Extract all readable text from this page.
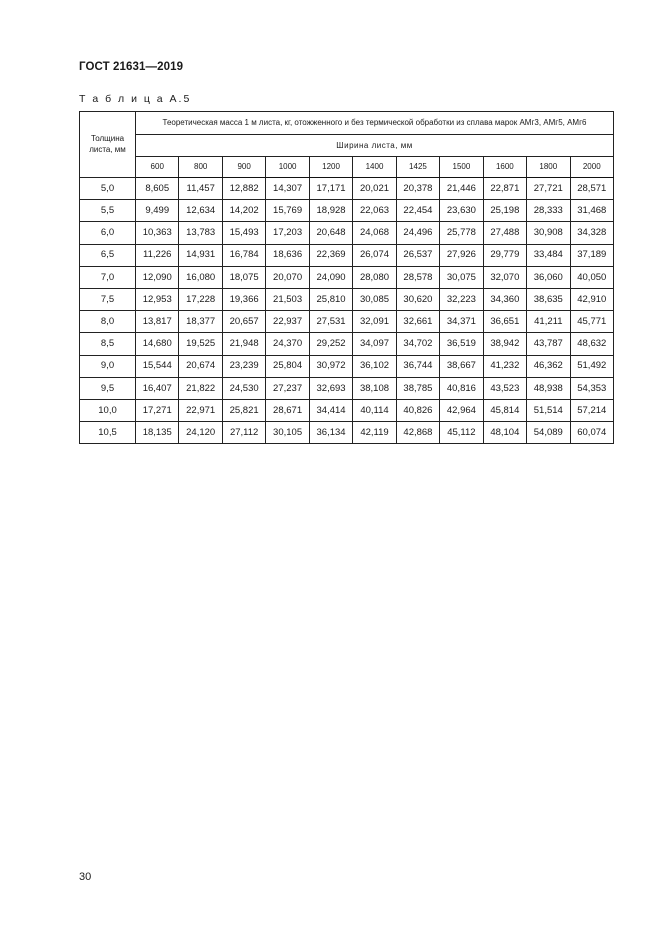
ГОСТ 21631—2019
Т а б л и ц а А.5
Толщина листа, мм	Теоретическая масса 1 м листа, кг, отожженного и без термической обработки из сплава марок АМг3, АМг5, АМг6										
	Ширина листа, мм										
	600	800	900	1000	1200	1400	1425	1500	1600	1800	2000
5,0	8,605	11,457	12,882	14,307	17,171	20,021	20,378	21,446	22,871	27,721	28,571
5,5	9,499	12,634	14,202	15,769	18,928	22,063	22,454	23,630	25,198	28,333	31,468
6,0	10,363	13,783	15,493	17,203	20,648	24,068	24,496	25,778	27,488	30,908	34,328
6,5	11,226	14,931	16,784	18,636	22,369	26,074	26,537	27,926	29,779	33,484	37,189
7,0	12,090	16,080	18,075	20,070	24,090	28,080	28,578	30,075	32,070	36,060	40,050
7,5	12,953	17,228	19,366	21,503	25,810	30,085	30,620	32,223	34,360	38,635	42,910
8,0	13,817	18,377	20,657	22,937	27,531	32,091	32,661	34,371	36,651	41,211	45,771
8,5	14,680	19,525	21,948	24,370	29,252	34,097	34,702	36,519	38,942	43,787	48,632
9,0	15,544	20,674	23,239	25,804	30,972	36,102	36,744	38,667	41,232	46,362	51,492
9,5	16,407	21,822	24,530	27,237	32,693	38,108	38,785	40,816	43,523	48,938	54,353
10,0	17,271	22,971	25,821	28,671	34,414	40,114	40,826	42,964	45,814	51,514	57,214
10,5	18,135	24,120	27,112	30,105	36,134	42,119	42,868	45,112	48,104	54,089	60,074
30
